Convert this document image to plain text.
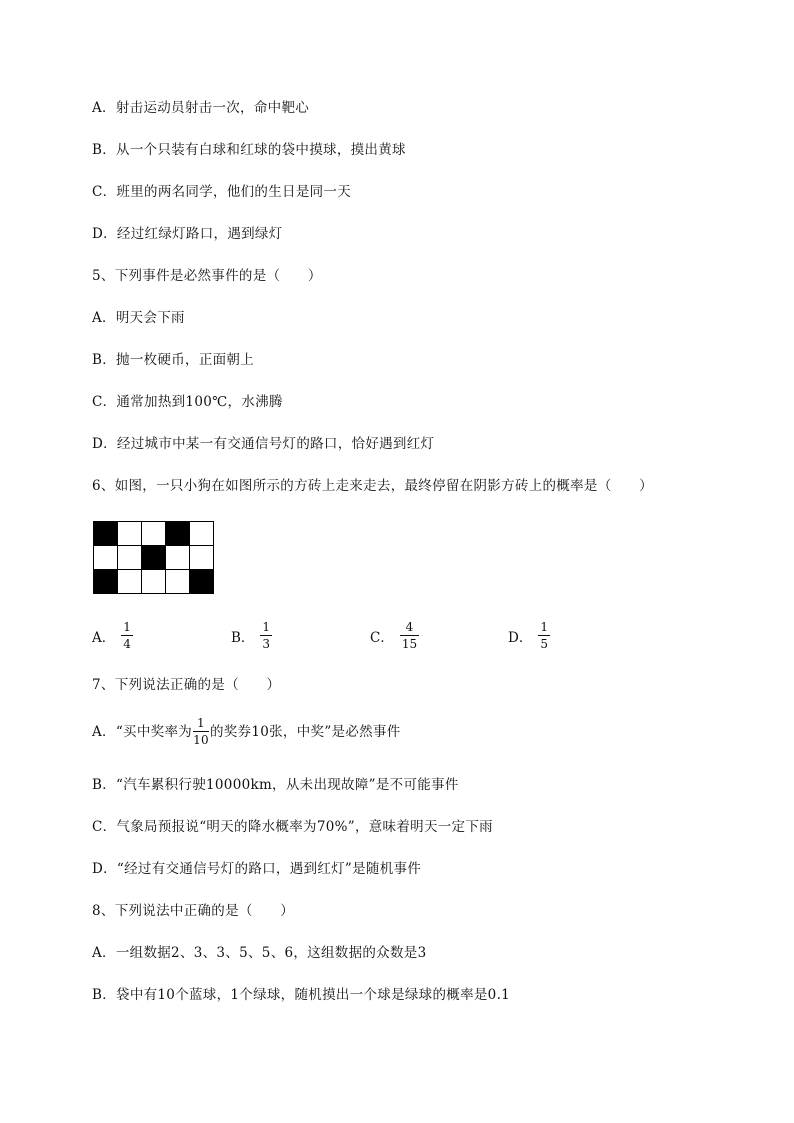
A．射击运动员射击一次，命中靶心
B．从一个只装有白球和红球的袋中摸球，摸出黄球
C．班里的两名同学，他们的生日是同一天
D．经过红绿灯路口，遇到绿灯
5、下列事件是必然事件的是（　　）
A．明天会下雨
B．抛一枚硬币，正面朝上
C．通常加热到100℃，水沸腾
D．经过城市中某一有交通信号灯的路口，恰好遇到红灯
6、如图，一只小狗在如图所示的方砖上走来走去，最终停留在阴影方砖上的概率是（　　）

A． $\frac{1}{4}$	B． $\frac{1}{3}$	C． $\frac{4}{15}$	D． $\frac{1}{5}$
7、下列说法正确的是（　　）
A．“买中奖率为 $\frac{1}{10}$ 的奖券10张，中奖”是必然事件
B．“汽车累积行驶10000km，从未出现故障”是不可能事件
C．气象局预报说“明天的降水概率为70%”，意味着明天一定下雨
D．“经过有交通信号灯的路口，遇到红灯”是随机事件
8、下列说法中正确的是（　　）
A．一组数据2、3、3、5、5、6，这组数据的众数是3
B．袋中有10个蓝球，1个绿球，随机摸出一个球是绿球的概率是0.1
